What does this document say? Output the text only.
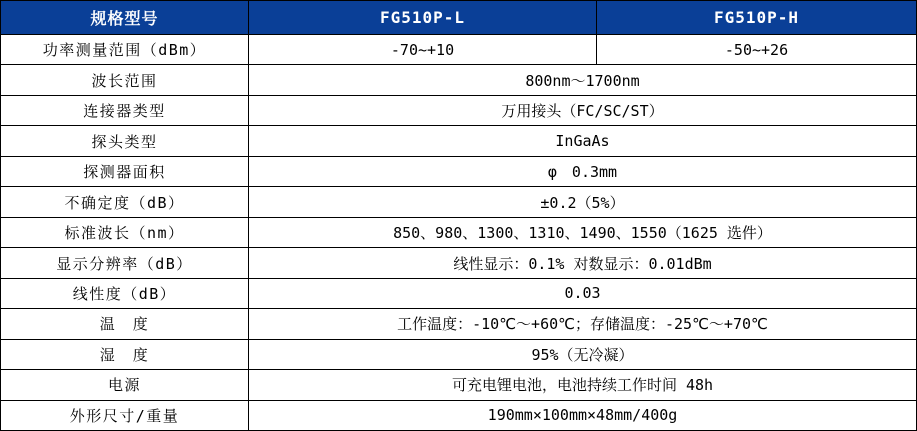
规格型号	FG510P-L	FG510P-H
功率测量范围（dBm）	-70~+10	-50~+26
波长范围	800nm～1700nm
连接器类型	万用接头（FC/SC/ST）
探头类型	InGaAs
探测器面积	φ　0.3mm
不确定度（dB）	±0.2（5%）
标准波长（nm）	850、980、1300、1310、1490、1550（1625 选件）
显示分辨率（dB）	线性显示：0.1% 对数显示：0.01dBm
线性度（dB）	0.03
温　度	工作温度：-10℃～+60℃；存储温度：-25℃～+70℃
湿　度	95%（无冷凝）
电源	可充电锂电池，电池持续工作时间 48h
外形尺寸/重量	190mm×100mm×48mm/400g
